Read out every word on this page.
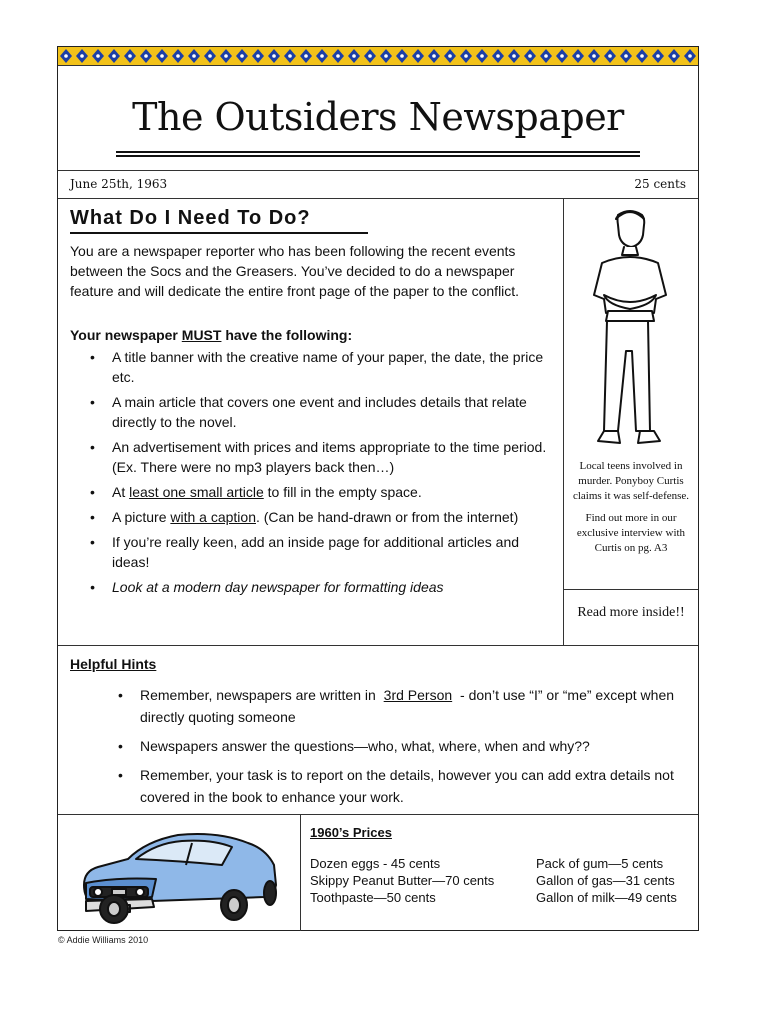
The Outsiders Newspaper
June 25th, 1963	25 cents
What Do I Need To Do?
You are a newspaper reporter who has been following the recent events between the Socs and the Greasers. You’ve decided to do a newspaper feature and will dedicate the entire front page of the paper to the conflict.
Your newspaper MUST have the following:
• A title banner with the creative name of your paper, the date, the price etc.
• A main article that covers one event and includes details that relate directly to the novel.
• An advertisement with prices and items appropriate to the time period. (Ex. There were no mp3 players back then…)
• At least one small article to fill in the empty space.
• A picture with a caption. (Can be hand-drawn or from the internet)
• If you’re really keen, add an inside page for additional articles and ideas!
• Look at a modern day newspaper for formatting ideas

Local teens involved in murder. Ponyboy Curtis claims it was self-defense.

Find out more in our exclusive interview with Curtis on pg. A3

Read more inside!!
Helpful Hints
• Remember, newspapers are written in 3rd Person - don’t use “I” or “me” except when directly quoting someone
• Newspapers answer the questions—who, what, where, when and why??
• Remember, your task is to report on the details, however you can add extra details not covered in the book to enhance your work.
1960’s Prices
Dozen eggs - 45 cents
Skippy Peanut Butter—70 cents
Toothpaste—50 cents
Pack of gum—5 cents
Gallon of gas—31 cents
Gallon of milk—49 cents
© Addie Williams 2010
